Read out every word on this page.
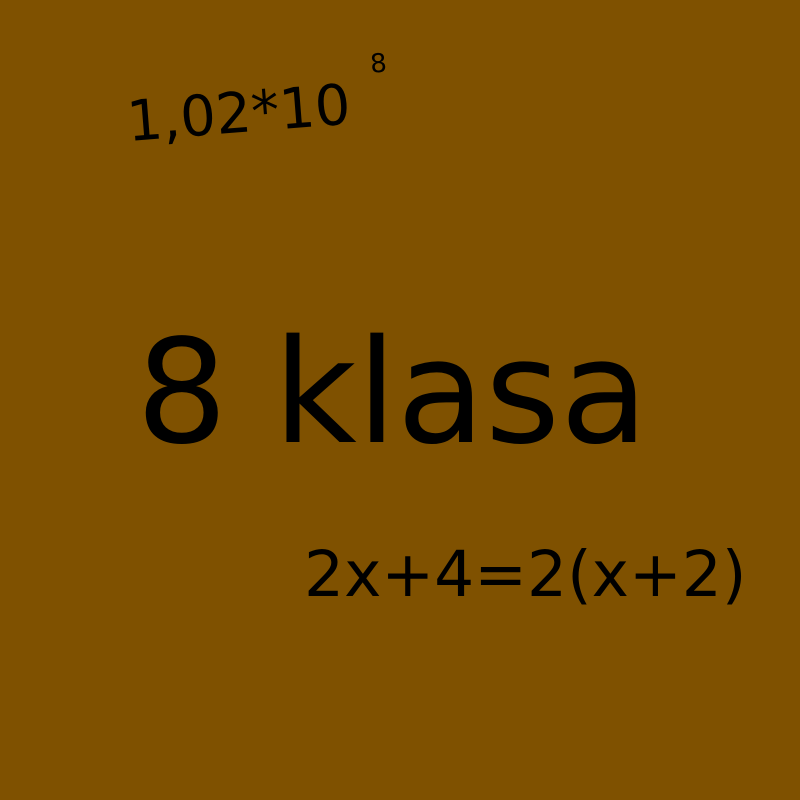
1,02*10
8
8 klasa
2x+4=2(x+2)
